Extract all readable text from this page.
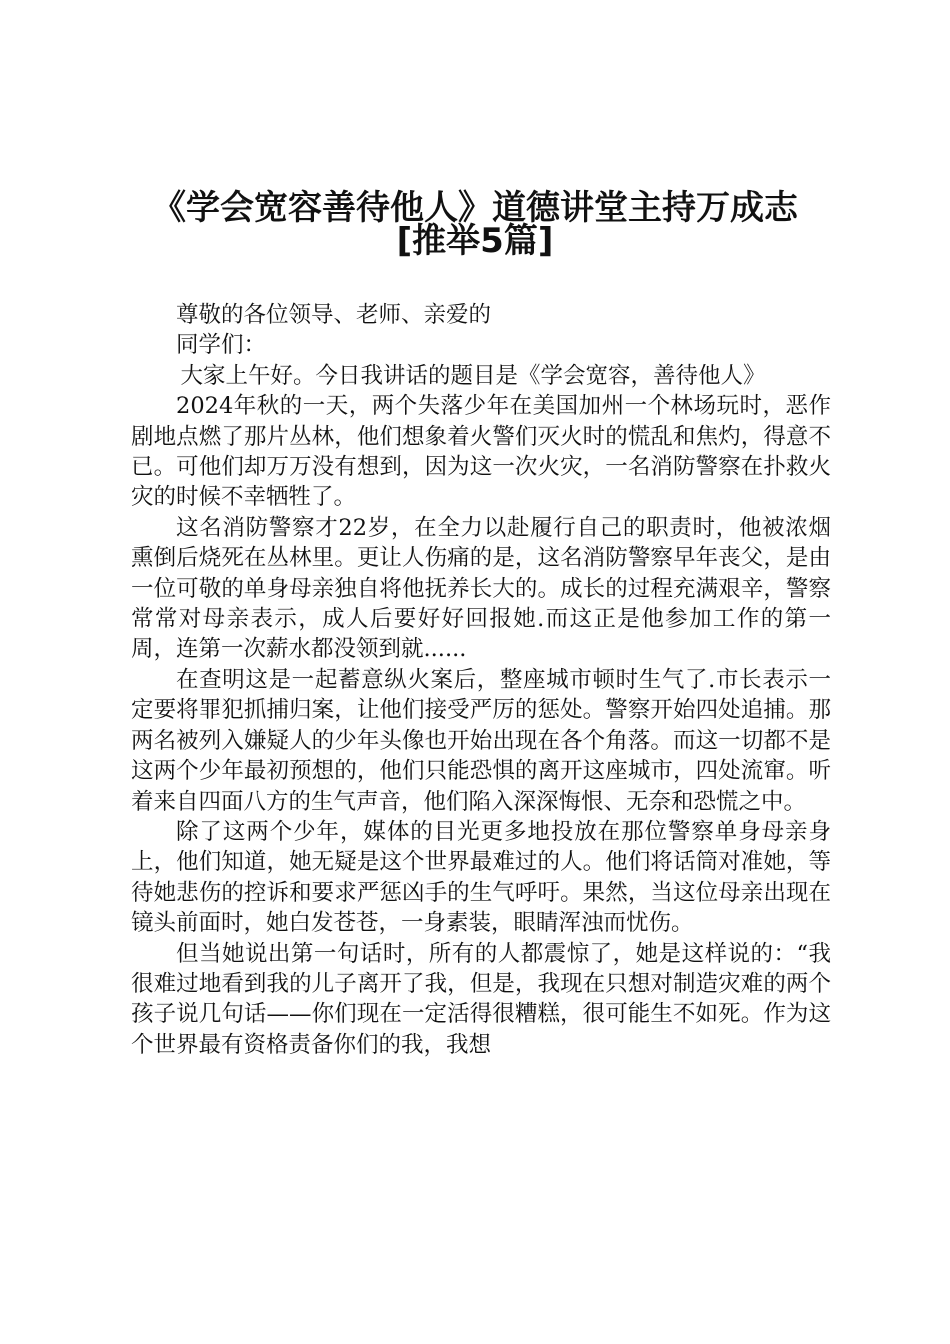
《学会宽容善待他人》道德讲堂主持万成志
[推举5篇]

尊敬的各位领导、老师、亲爱的

同学们：

大家上午好。今日我讲话的题目是《学会宽容，善待他人》

2024年秋的一天，两个失落少年在美国加州一个林场玩时，恶作剧地点燃了那片丛林，他们想象着火警们灭火时的慌乱和焦灼，得意不已。可他们却万万没有想到，因为这一次火灾，一名消防警察在扑救火灾的时候不幸牺牲了。

这名消防警察才22岁，在全力以赴履行自己的职责时，他被浓烟熏倒后烧死在丛林里。更让人伤痛的是，这名消防警察早年丧父，是由一位可敬的单身母亲独自将他抚养长大的。成长的过程充满艰辛，警察常常对母亲表示，成人后要好好回报她.而这正是他参加工作的第一周，连第一次薪水都没领到就......

在查明这是一起蓄意纵火案后，整座城市顿时生气了.市长表示一定要将罪犯抓捕归案，让他们接受严厉的惩处。警察开始四处追捕。那两名被列入嫌疑人的少年头像也开始出现在各个角落。而这一切都不是这两个少年最初预想的，他们只能恐惧的离开这座城市，四处流窜。听着来自四面八方的生气声音，他们陷入深深悔恨、无奈和恐慌之中。

除了这两个少年，媒体的目光更多地投放在那位警察单身母亲身上，他们知道，她无疑是这个世界最难过的人。他们将话筒对准她，等待她悲伤的控诉和要求严惩凶手的生气呼吁。果然，当这位母亲出现在镜头前面时，她白发苍苍，一身素装，眼睛浑浊而忧伤。

但当她说出第一句话时，所有的人都震惊了，她是这样说的：“我很难过地看到我的儿子离开了我，但是，我现在只想对制造灾难的两个孩子说几句话——你们现在一定活得很糟糕，很可能生不如死。作为这个世界最有资格责备你们的我，我想
